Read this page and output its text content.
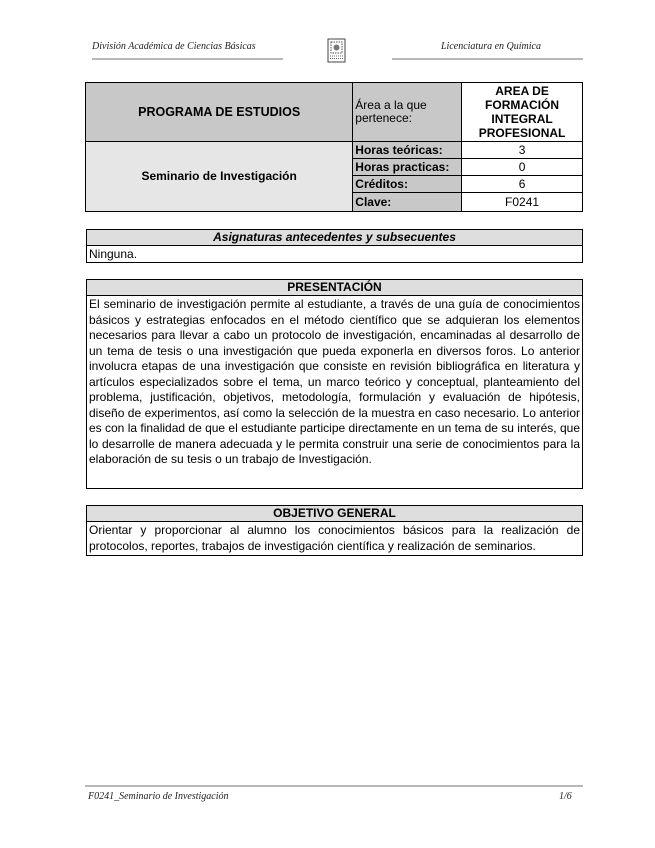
División Académica de Ciencias Básicas	Licenciatura en Química
PROGRAMA DE ESTUDIOS	Área a la que pertenece:	AREA DE FORMACIÓN INTEGRAL PROFESIONAL
Seminario de Investigación	Horas teóricas:	3
	Horas practicas:	0
	Créditos:	6
	Clave:	F0241
Asignaturas antecedentes y subsecuentes
Ninguna.
PRESENTACIÓN
El seminario de investigación permite al estudiante, a través de una guía de conocimientos básicos y estrategias enfocados en el método científico que se adquieran los elementos necesarios para llevar a cabo un protocolo de investigación, encaminadas al desarrollo de un tema de tesis o una investigación que pueda exponerla en diversos foros. Lo anterior involucra etapas de una investigación que consiste en revisión bibliográfica en literatura y artículos especializados sobre el tema, un marco teórico y conceptual, planteamiento del problema, justificación, objetivos, metodología, formulación y evaluación de hipótesis, diseño de experimentos, así como la selección de la muestra en caso necesario. Lo anterior es con la finalidad de que el estudiante participe directamente en un tema de su interés, que lo desarrolle de manera adecuada y le permita construir una serie de conocimientos para la elaboración de su tesis o un trabajo de Investigación.
OBJETIVO GENERAL
Orientar y proporcionar al alumno los conocimientos básicos para la realización de protocolos, reportes, trabajos de investigación científica y realización de seminarios.
F0241_Seminario de Investigación	1/6
